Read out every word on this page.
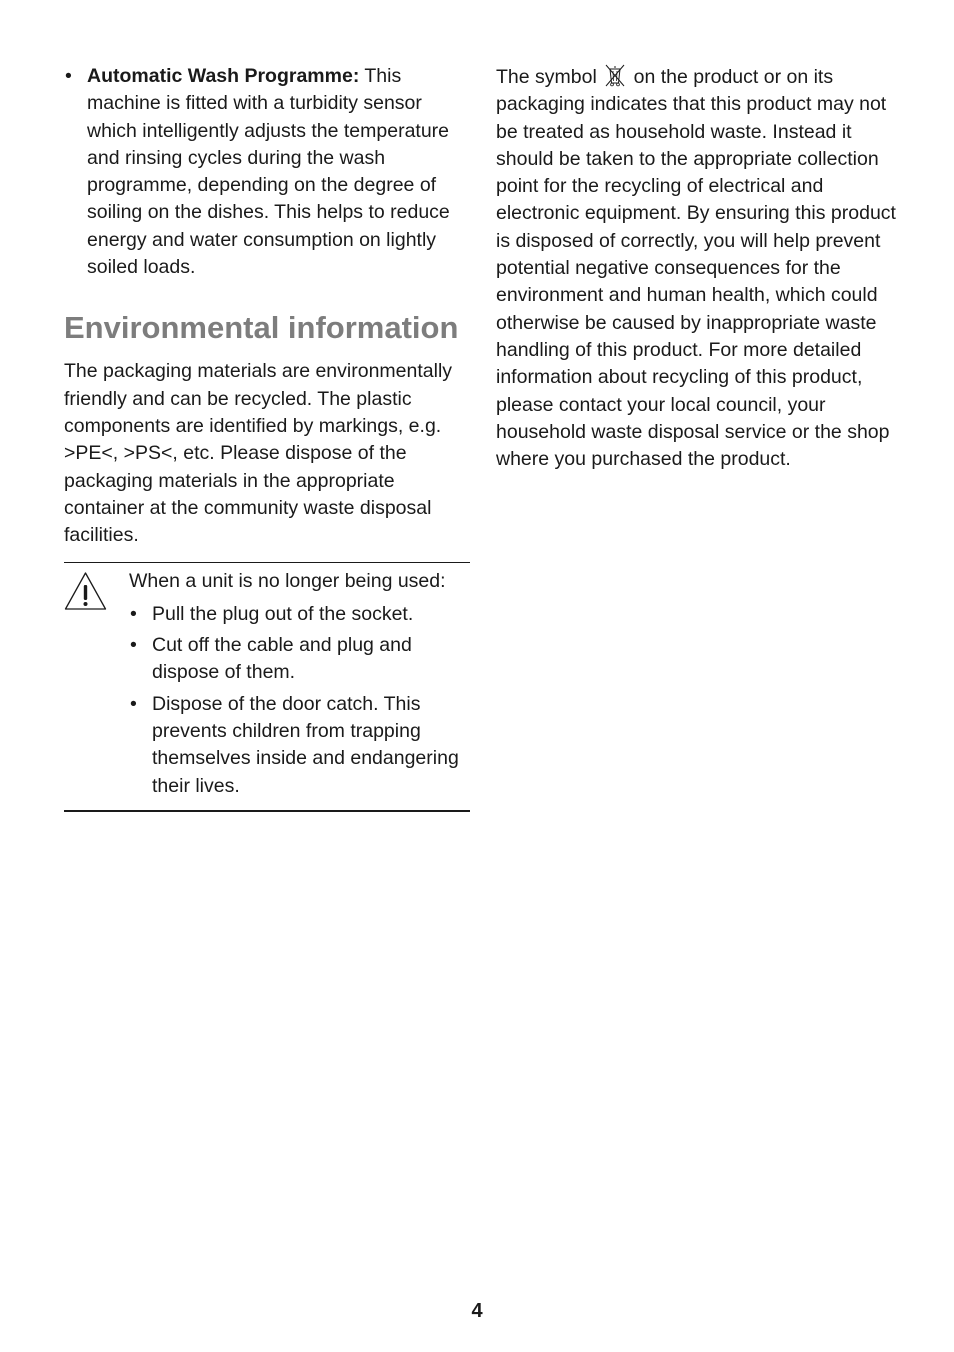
• Automatic Wash Programme: This machine is fitted with a turbidity sensor which intelligently adjusts the temperature and rinsing cycles during the wash programme, depending on the degree of soiling on the dishes. This helps to reduce energy and water consumption on lightly soiled loads.
Environmental information

The packaging materials are environmentally friendly and can be recycled. The plastic components are identified by markings, e.g. >PE<, >PS<, etc. Please dispose of the packaging materials in the appropriate container at the community waste disposal facilities.

When a unit is no longer being used:

• Pull the plug out of the socket.
• Cut off the cable and plug and dispose of them.
• Dispose of the door catch. This prevents children from trapping themselves inside and endangering their lives.

The symbol  on the product or on its packaging indicates that this product may not be treated as household waste. Instead it should be taken to the appropriate collection point for the recycling of electrical and electronic equipment. By ensuring this product is disposed of correctly, you will help prevent potential negative consequences for the environment and human health, which could otherwise be caused by inappropriate waste handling of this product. For more detailed information about recycling of this product, please contact your local council, your household waste disposal service or the shop where you purchased the product.

4
